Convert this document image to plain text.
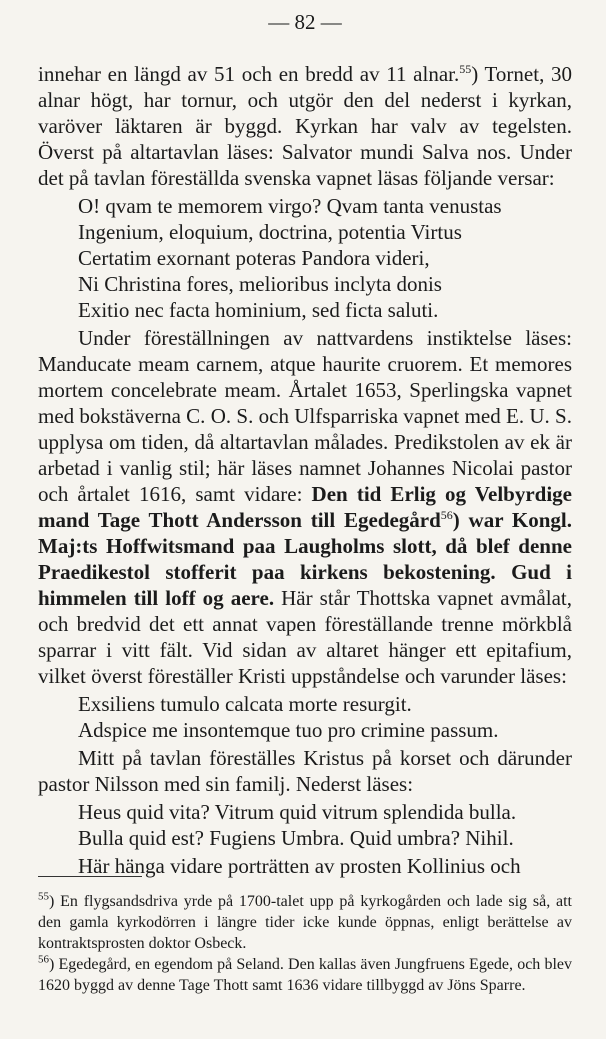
— 82 —

innehar en längd av 51 och en bredd av 11 alnar.$^{55}$) Tornet, 30 alnar högt, har tornur, och utgör den del nederst i kyrkan, varöver läktaren är byggd. Kyrkan har valv av tegelsten. Överst på altartavlan läses: Salvator mundi Salva nos. Under det på tavlan föreställda svenska vapnet läsas följande versar:

O! qvam te memorem virgo? Qvam tanta venustas
Ingenium, eloquium, doctrina, potentia Virtus
Certatim exornant poteras Pandora videri,
Ni Christina fores, melioribus inclyta donis
Exitio nec facta hominium, sed ficta saluti.

Under föreställningen av nattvardens instiktelse läses: Manducate meam carnem, atque haurite cruorem. Et memores mortem concelebrate meam. Årtalet 1653, Sperlingska vapnet med bokstäverna C. O. S. och Ulfsparriska vapnet med E. U. S. upplysa om tiden, då altartavlan målades. Predikstolen av ek är arbetad i vanlig stil; här läses namnet Johannes Nicolai pastor och årtalet 1616, samt vidare: Den tid Erlig og Velbyrdige mand Tage Thott Andersson till Egedegård$^{56}$) war Kongl. Maj:ts Hoffwitsmand paa Laugholms slott, då blef denne Praedikestol stofferit paa kirkens bekostening. Gud i himmelen till loff og aere. Här står Thottska vapnet avmålat, och bredvid det ett annat vapen föreställande trenne mörkblå sparrar i vitt fält. Vid sidan av altaret hänger ett epitafium, vilket överst föreställer Kristi uppståndelse och varunder läses:

Exsiliens tumulo calcata morte resurgit.
Adspice me insontemque tuo pro crimine passum.

Mitt på tavlan föreställes Kristus på korset och därunder pastor Nilsson med sin familj. Nederst läses:

Heus quid vita? Vitrum quid vitrum splendida bulla.
Bulla quid est? Fugiens Umbra. Quid umbra? Nihil.

Här hänga vidare porträtten av prosten Kollinius och

$^{55}$) En flygsandsdriva yrde på 1700-talet upp på kyrkogården och lade sig så, att den gamla kyrkodörren i längre tider icke kunde öppnas, enligt berättelse av kontraktsprosten doktor Osbeck.

$^{56}$) Egedegård, en egendom på Seland. Den kallas även Jungfruens Egede, och blev 1620 byggd av denne Tage Thott samt 1636 vidare tillbyggd av Jöns Sparre.
